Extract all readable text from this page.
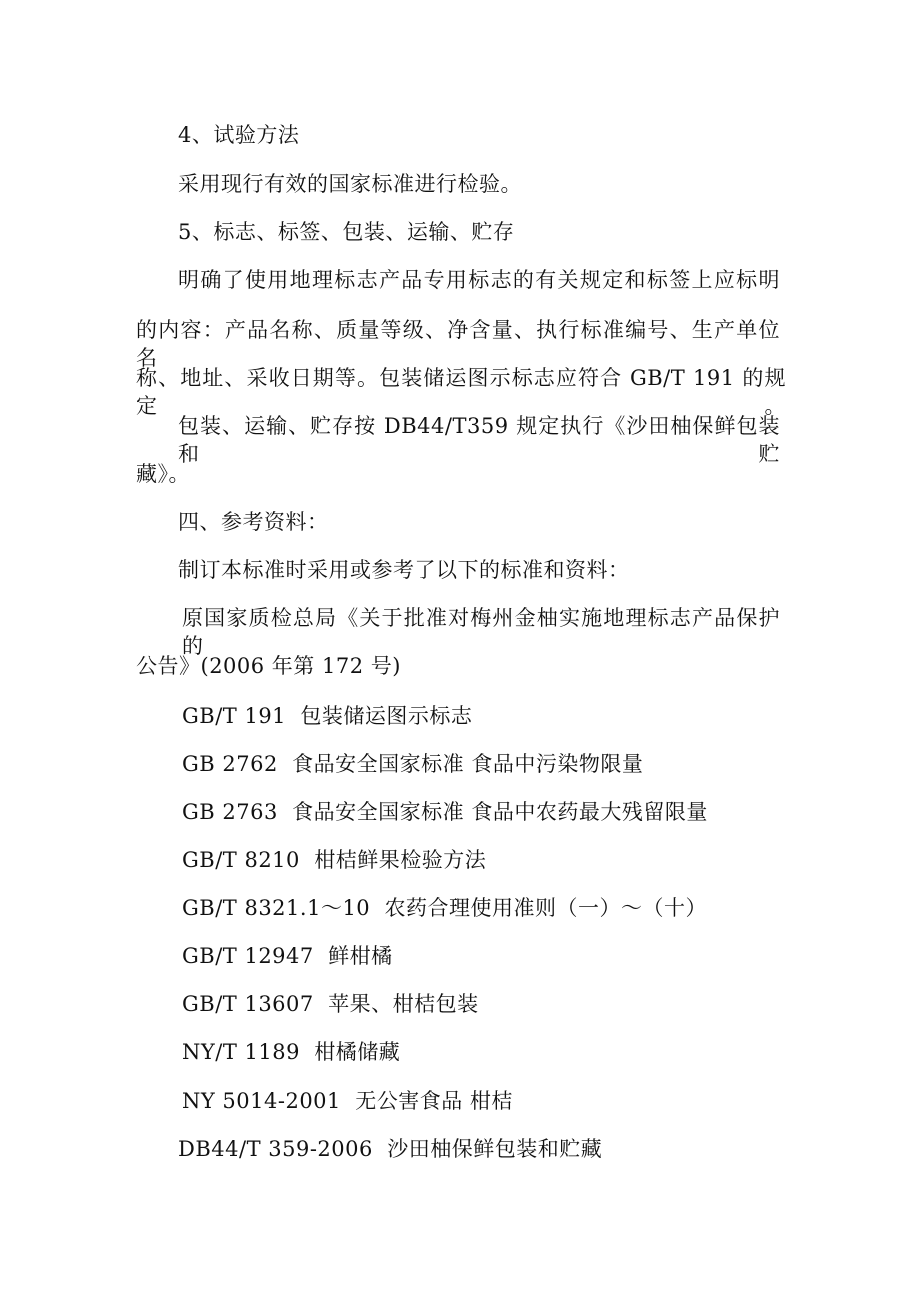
4、试验方法
采用现行有效的国家标准进行检验。
5、标志、标签、包装、运输、贮存
明确了使用地理标志产品专用标志的有关规定和标签上应标明
的内容：产品名称、质量等级、净含量、执行标准编号、生产单位名
称、地址、采收日期等。包装储运图示标志应符合 GB/T 191 的规定。
包装、运输、贮存按 DB44/T359 规定执行《沙田柚保鲜包装和贮
藏》。
四、参考资料：
制订本标准时采用或参考了以下的标准和资料：
原国家质检总局《关于批准对梅州金柚实施地理标志产品保护的
公告》(2006 年第 172 号)
GB/T 191  包装储运图示标志
GB 2762  食品安全国家标准 食品中污染物限量
GB 2763  食品安全国家标准 食品中农药最大残留限量
GB/T 8210  柑桔鲜果检验方法
GB/T 8321.1～10  农药合理使用准则（一）～（十）
GB/T 12947  鲜柑橘
GB/T 13607  苹果、柑桔包装
NY/T 1189  柑橘储藏
NY 5014-2001  无公害食品 柑桔
DB44/T 359-2006  沙田柚保鲜包装和贮藏
